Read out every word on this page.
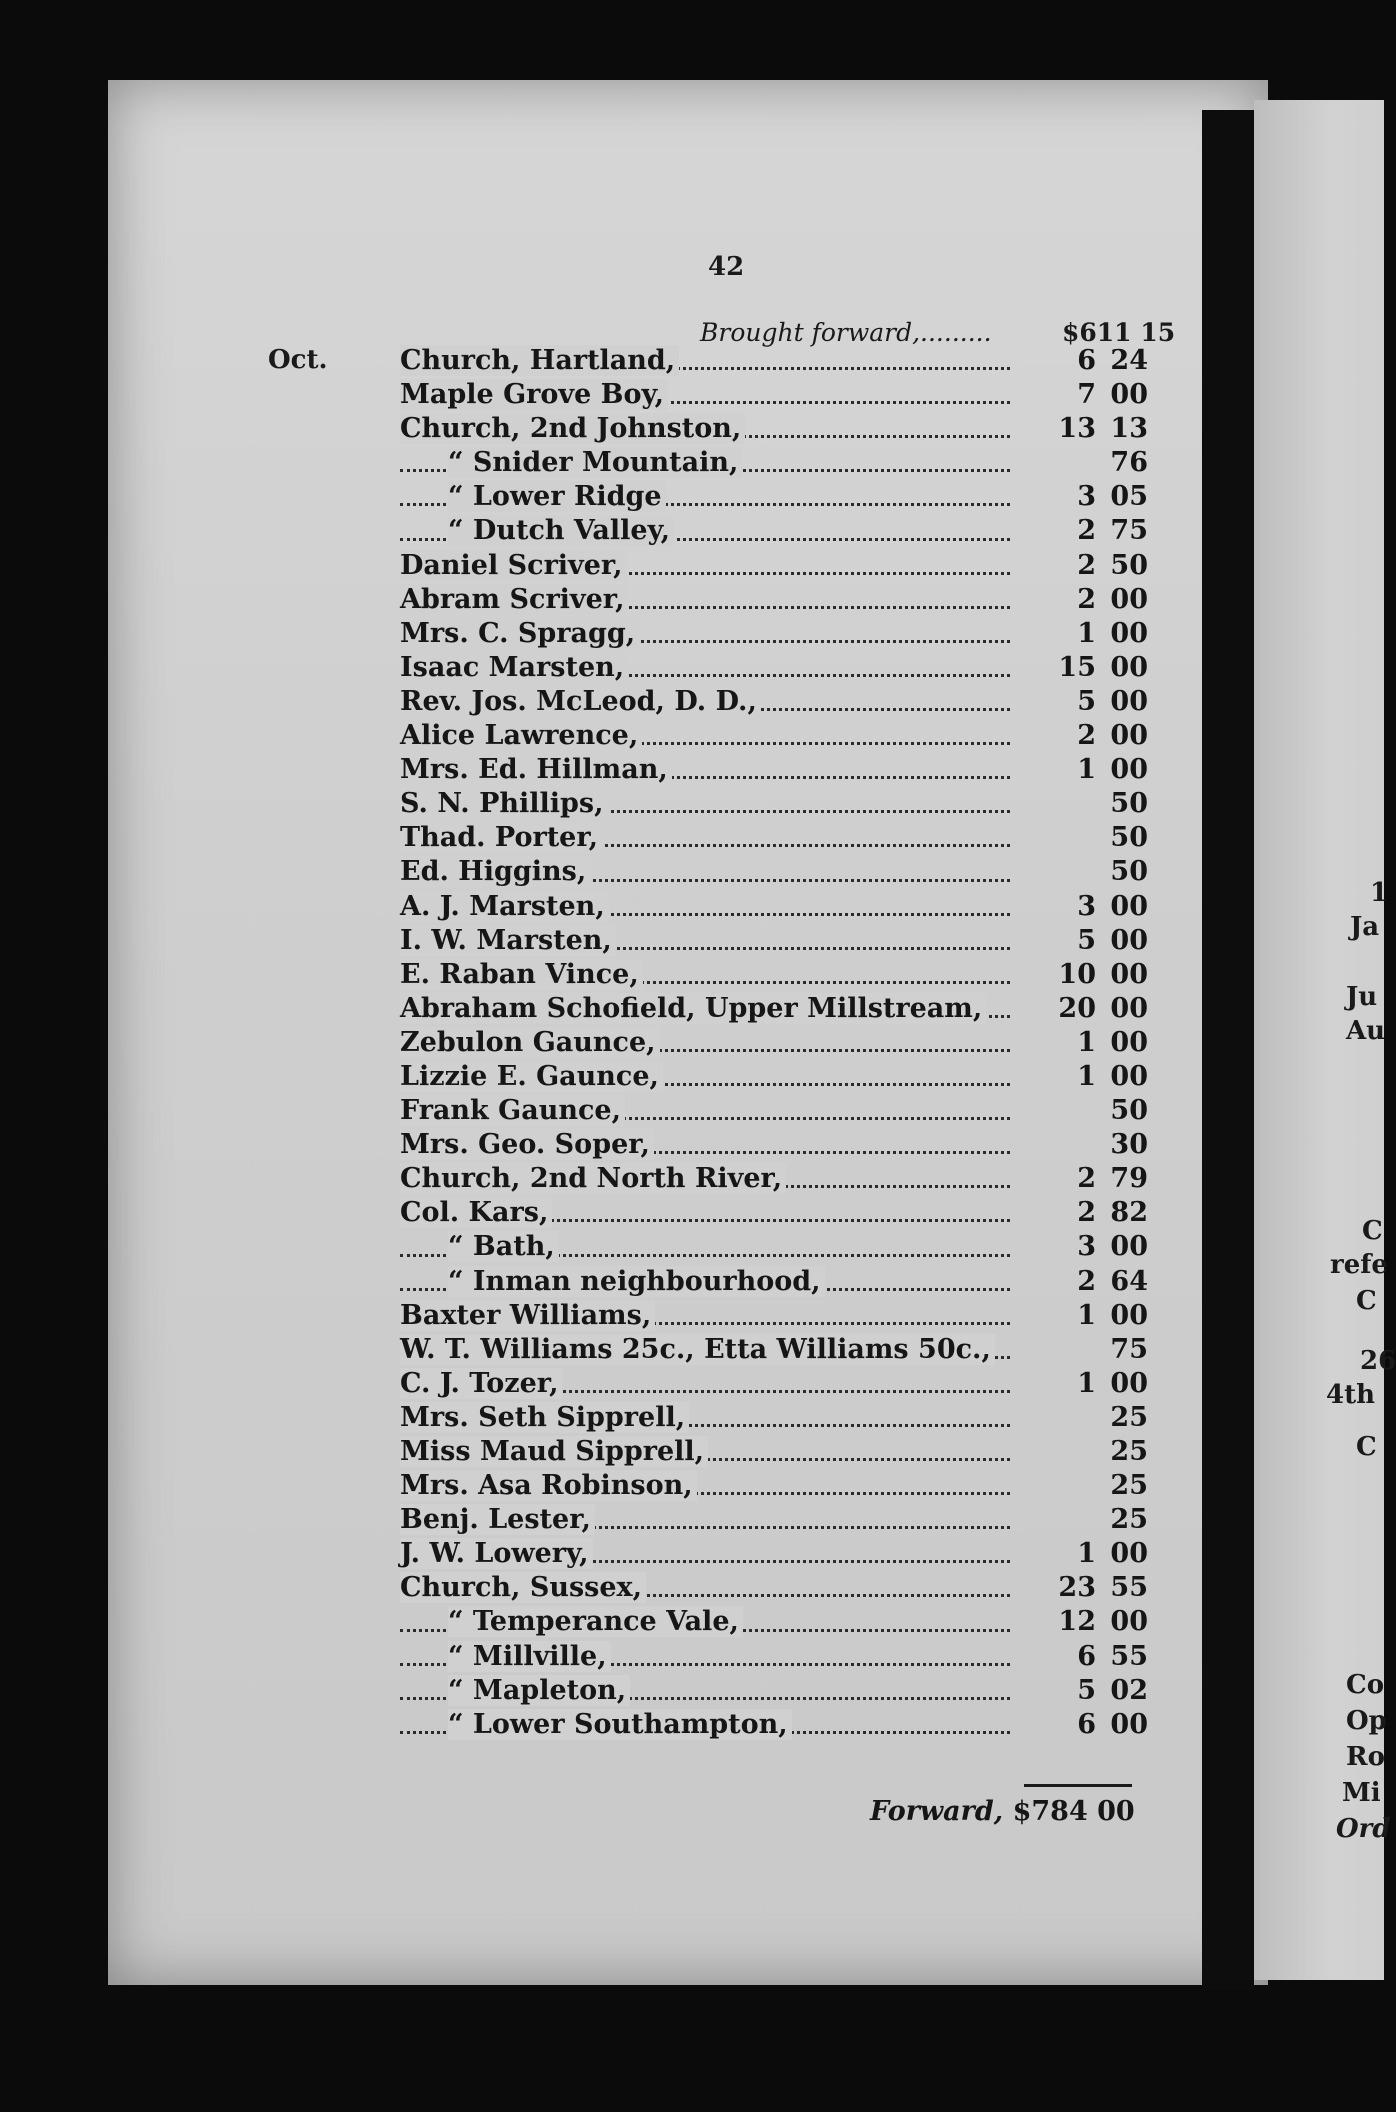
42
Brought forward,.........	$611 15
Oct.	Church, Hartland,	6 24
Maple Grove Boy,	7 00
Church, 2nd Johnston,	13 13
“ Snider Mountain,	76
“ Lower Ridge	3 05
“ Dutch Valley,	2 75
Daniel Scriver,	2 50
Abram Scriver,	2 00
Mrs. C. Spragg,	1 00
Isaac Marsten,	15 00
Rev. Jos. McLeod, D. D.,	5 00
Alice Lawrence,	2 00
Mrs. Ed. Hillman,	1 00
S. N. Phillips,	50
Thad. Porter,	50
Ed. Higgins,	50
A. J. Marsten,	3 00
I. W. Marsten,	5 00
E. Raban Vince,	10 00
Abraham Schofield, Upper Millstream,	20 00
Zebulon Gaunce,	1 00
Lizzie E. Gaunce,	1 00
Frank Gaunce,	50
Mrs. Geo. Soper,	30
Church, 2nd North River,	2 79
Col. Kars,	2 82
“ Bath,	3 00
“ Inman neighbourhood,	2 64
Baxter Williams,	1 00
W. T. Williams 25c., Etta Williams 50c.,	75
C. J. Tozer,	1 00
Mrs. Seth Sipprell,	25
Miss Maud Sipprell,	25
Mrs. Asa Robinson,	25
Benj. Lester,	25
J. W. Lowery,	1 00
Church, Sussex,	23 55
“ Temperance Vale,	12 00
“ Millville,	6 55
“ Mapleton,	5 02
“ Lower Southampton,	6 00
Forward, $784 00
1
Ja
Ju
Au
C
refe
C
26
4th
C
Co
Op
Ro
Mi
Ord
